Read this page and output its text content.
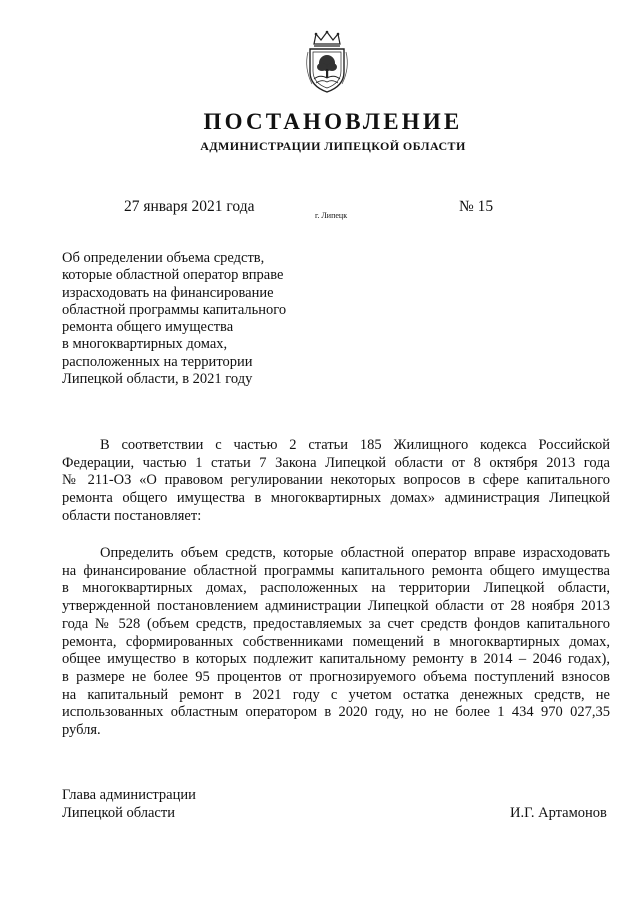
ПОСТАНОВЛЕНИЕ
АДМИНИСТРАЦИИ ЛИПЕЦКОЙ ОБЛАСТИ
27 января 2021 года
г. Липецк
№ 15
Об определении объема средств,
которые областной оператор вправе
израсходовать на финансирование
областной программы капитального
ремонта общего имущества
в многоквартирных домах,
расположенных на территории
Липецкой области, в 2021 году
В соответствии с частью 2 статьи 185 Жилищного кодекса Российской
Федерации, частью 1 статьи 7 Закона Липецкой области от 8 октября 2013 года
№ 211-ОЗ «О правовом регулировании некоторых вопросов в сфере капитального
ремонта общего имущества в многоквартирных домах» администрация Липецкой
области постановляет:
Определить объем средств, которые областной оператор вправе израсходовать
на финансирование областной программы капитального ремонта общего имущества
в многоквартирных домах, расположенных на территории Липецкой области,
утвержденной постановлением администрации Липецкой области от 28 ноября 2013
года № 528 (объем средств, предоставляемых за счет средств фондов капитального
ремонта, сформированных собственниками помещений в многоквартирных домах,
общее имущество в которых подлежит капитальному ремонту в 2014 – 2046 годах),
в размере не более 95 процентов от прогнозируемого объема поступлений взносов
на капитальный ремонт в 2021 году с учетом остатка денежных средств, не
использованных областным оператором в 2020 году, но не более 1 434 970 027,35
рубля.
Глава администрации
Липецкой области	И.Г. Артамонов
